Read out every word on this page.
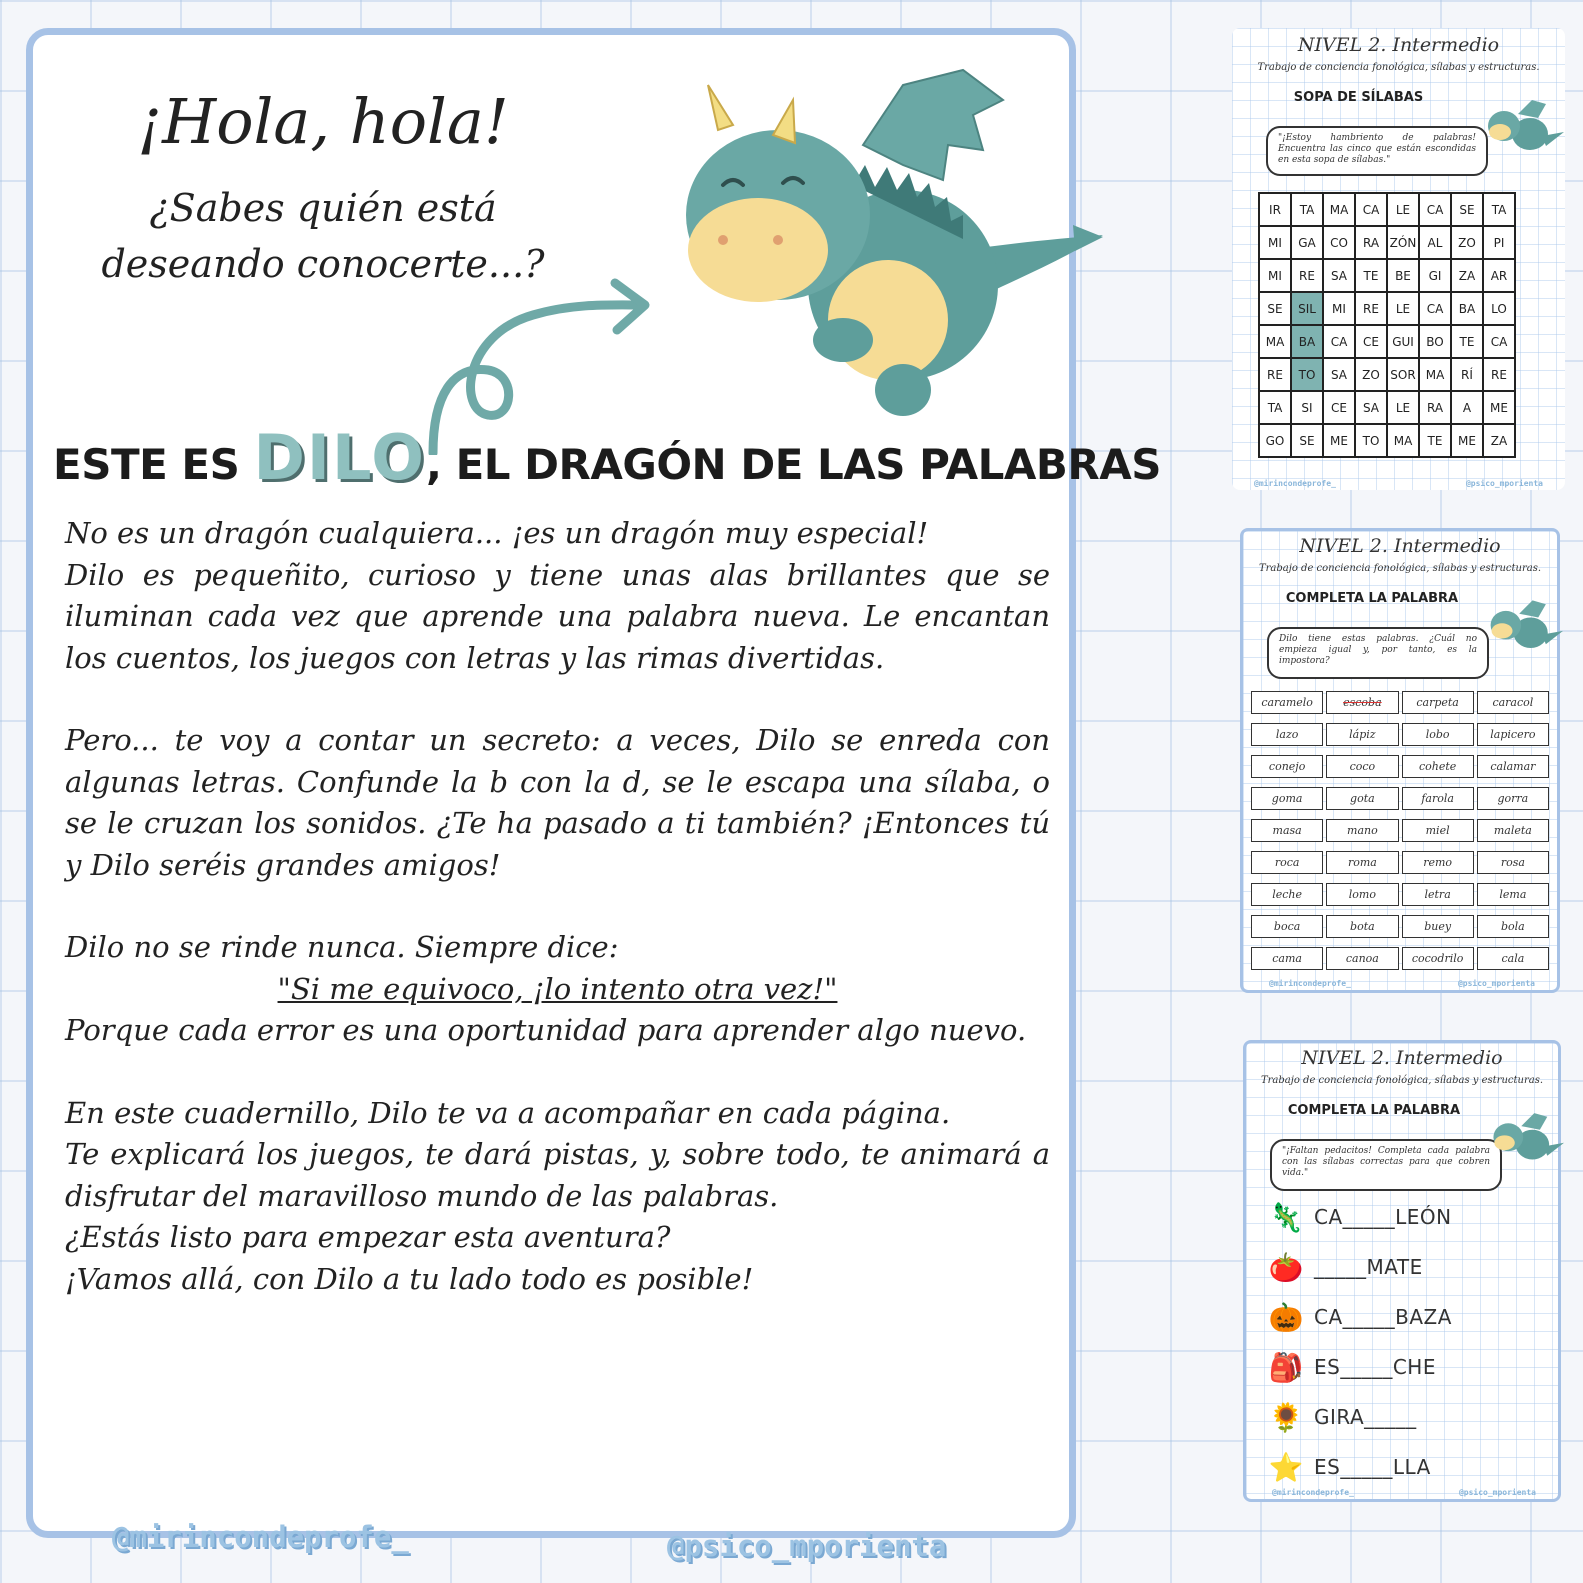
¡Hola, hola!
¿Sabes quién está
deseando conocerte...?
ESTE ES DILO, EL DRAGÓN DE LAS PALABRAS

No es un dragón cualquiera... ¡es un dragón muy especial!

Dilo es pequeñito, curioso y tiene unas alas brillantes que se iluminan cada vez que aprende una palabra nueva. Le encantan los cuentos, los juegos con letras y las rimas divertidas.

Pero... te voy a contar un secreto: a veces, Dilo se enreda con algunas letras. Confunde la b con la d, se le escapa una sílaba, o se le cruzan los sonidos. ¿Te ha pasado a ti también? ¡Entonces tú y Dilo seréis grandes amigos!

Dilo no se rinde nunca. Siempre dice:

"Si me equivoco, ¡lo intento otra vez!"

Porque cada error es una oportunidad para aprender algo nuevo.

En este cuadernillo, Dilo te va a acompañar en cada página.

Te explicará los juegos, te dará pistas, y, sobre todo, te animará a disfrutar del maravilloso mundo de las palabras.

¿Estás listo para empezar esta aventura?

¡Vamos allá, con Dilo a tu lado todo es posible!

@mirincondeprofe_	@psico_mporienta
NIVEL 2. Intermedio
Trabajo de conciencia fonológica, sílabas y estructuras.
SOPA DE SÍLABAS
"¡Estoy hambriento de palabras! Encuentra las cinco que están escondidas en esta sopa de sílabas."
IR	TA	MA	CA	LE	CA	SE	TA
MI	GA	CO	RA	ZÓN	AL	ZO	PI
MI	RE	SA	TE	BE	GI	ZA	AR
SE	SIL	MI	RE	LE	CA	BA	LO
MA	BA	CA	CE	GUI	BO	TE	CA
RE	TO	SA	ZO	SOR	MA	RÍ	RE
TA	SI	CE	SA	LE	RA	A	ME
GO	SE	ME	TO	MA	TE	ME	ZA
@mirincondeprofe_	@psico_mporienta
NIVEL 2. Intermedio
Trabajo de conciencia fonológica, sílabas y estructuras.
COMPLETA LA PALABRA
Dilo tiene estas palabras. ¿Cuál no empieza igual y, por tanto, es la impostora?
caramelo	escoba	carpeta	caracol
lazo	lápiz	lobo	lapicero
conejo	coco	cohete	calamar
goma	gota	farola	gorra
masa	mano	miel	maleta
roca	roma	remo	rosa
leche	lomo	letra	lema
boca	bota	buey	bola
cama	canoa	cocodrilo	cala
@mirincondeprofe_	@psico_mporienta
NIVEL 2. Intermedio
Trabajo de conciencia fonológica, sílabas y estructuras.
COMPLETA LA PALABRA
"¡Faltan pedacitos! Completa cada palabra con las sílabas correctas para que cobren vida."
🦎 CA_____LEÓN
🍅 _____MATE
🎃 CA_____BAZA
🎒 ES_____CHE
🌻 GIRA_____
⭐ ES_____LLA
@mirincondeprofe_	@psico_mporienta
